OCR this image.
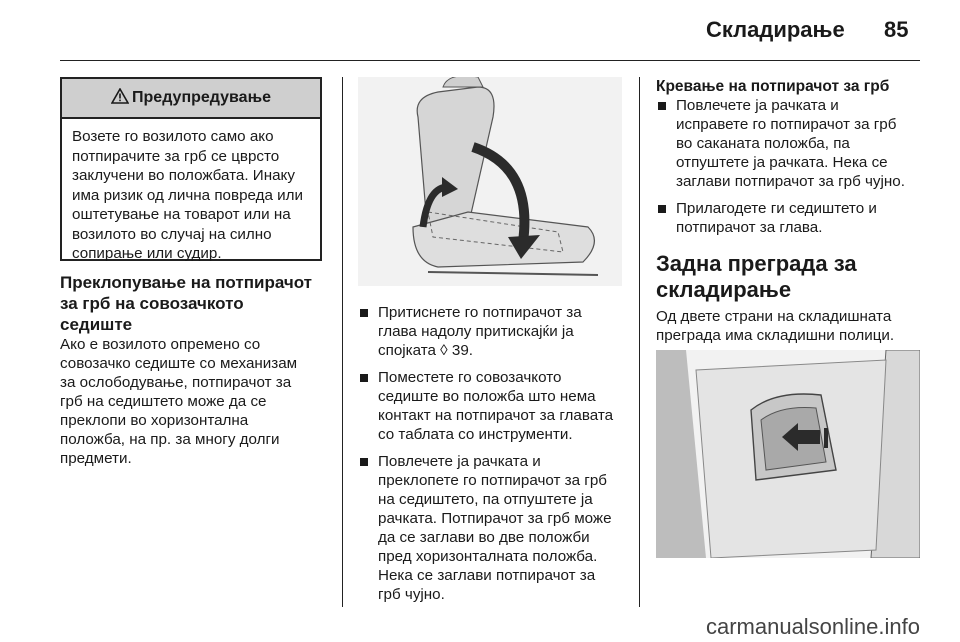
Складирање 85
Предупредување
Возете го возилото само ако
потпирачите за грб се цврсто
заклучени во положбата. Инаку
има ризик од лична повреда или
оштетување на товарот или на
возилото во случај на силно
сопирање или судир.
Преклопување на потпирачот
за грб на совозачкото
седиште

Ако е возилото опремено со
совозачко седиште со механизам
за ослободување, потпирачот за
грб на седиштето може да се
преклопи во хоризонтална
положба, на пр. за многу долги
предмети.

Притиснете го потпирачот за
глава надолу притискајќи ја
спојката ◊ 39.
Поместете го совозачкото
седиште во положба што нема
контакт на потпирачот за главата
со таблата со инструменти.
Повлечете ја рачката и
преклопете го потпирачот за грб
на седиштето, па отпуштете ја
рачката. Потпирачот за грб може
да се заглави во две положби
пред хоризонталната положба.
Нека се заглави потпирачот за
грб чујно.
Кревање на потпирачот за грб
Повлечете ја рачката и
исправете го потпирачот за грб
во саканата положба, па
отпуштете ја рачката. Нека се
заглави потпирачот за грб чујно.
Прилагодете ги седиштето и
потпирачот за глава.
Задна преграда за
складирање

Од двете страни на складишната
преграда има складишни полици.

carmanualsonline.info
